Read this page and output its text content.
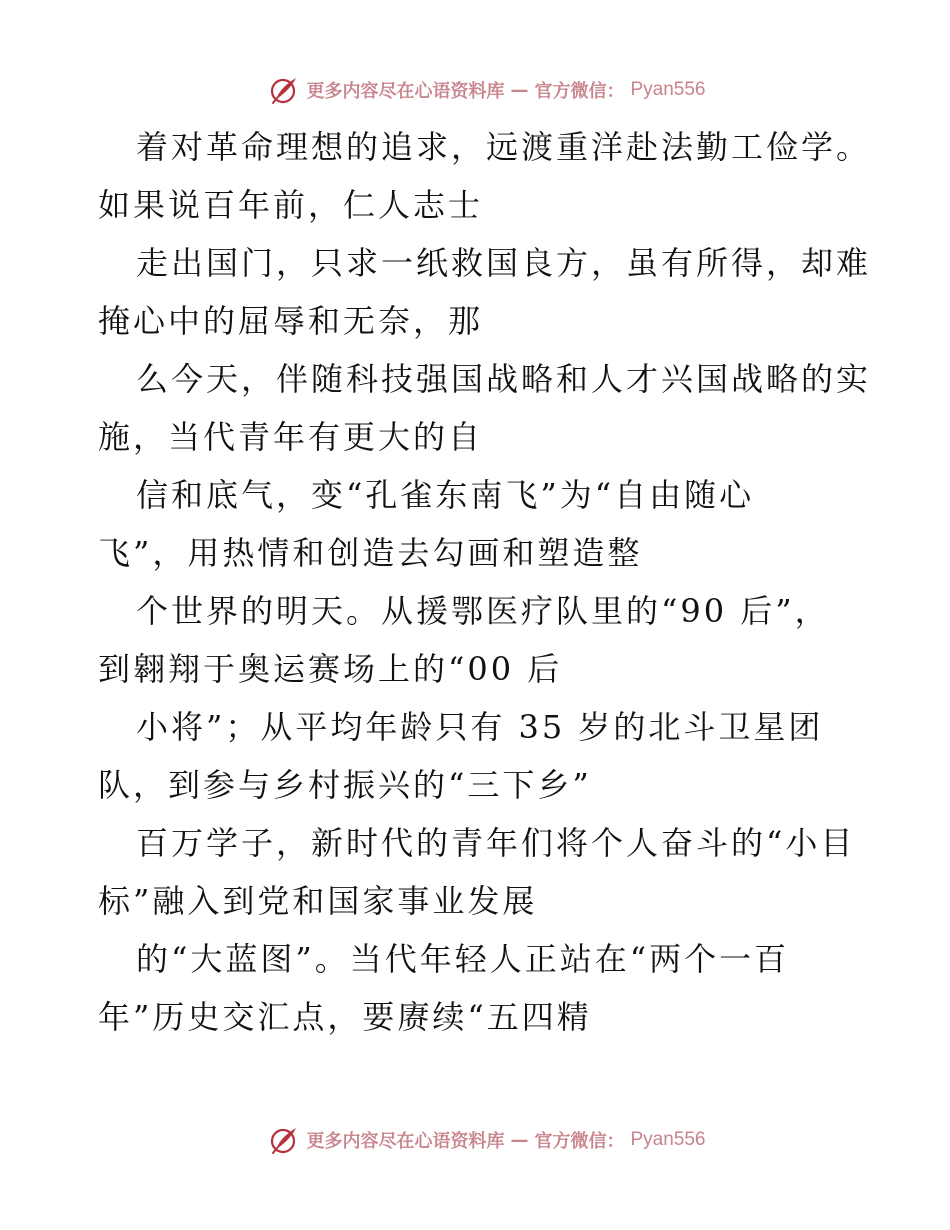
更多内容尽在心语资料库 — 官方微信： Pyan556
着对革命理想的追求，远渡重洋赴法勤工俭学。
如果说百年前，仁人志士
走出国门，只求一纸救国良方，虽有所得，却难
掩心中的屈辱和无奈，那
么今天，伴随科技强国战略和人才兴国战略的实
施，当代青年有更大的自
信和底气，变“孔雀东南飞”为“自由随心
飞”，用热情和创造去勾画和塑造整
个世界的明天。从援鄂医疗队里的“90 后”，
到翱翔于奥运赛场上的“00 后
小将”；从平均年龄只有 35 岁的北斗卫星团
队，到参与乡村振兴的“三下乡”
百万学子，新时代的青年们将个人奋斗的“小目
标”融入到党和国家事业发展
的“大蓝图”。当代年轻人正站在“两个一百
年”历史交汇点，要赓续“五四精
更多内容尽在心语资料库 — 官方微信： Pyan556
